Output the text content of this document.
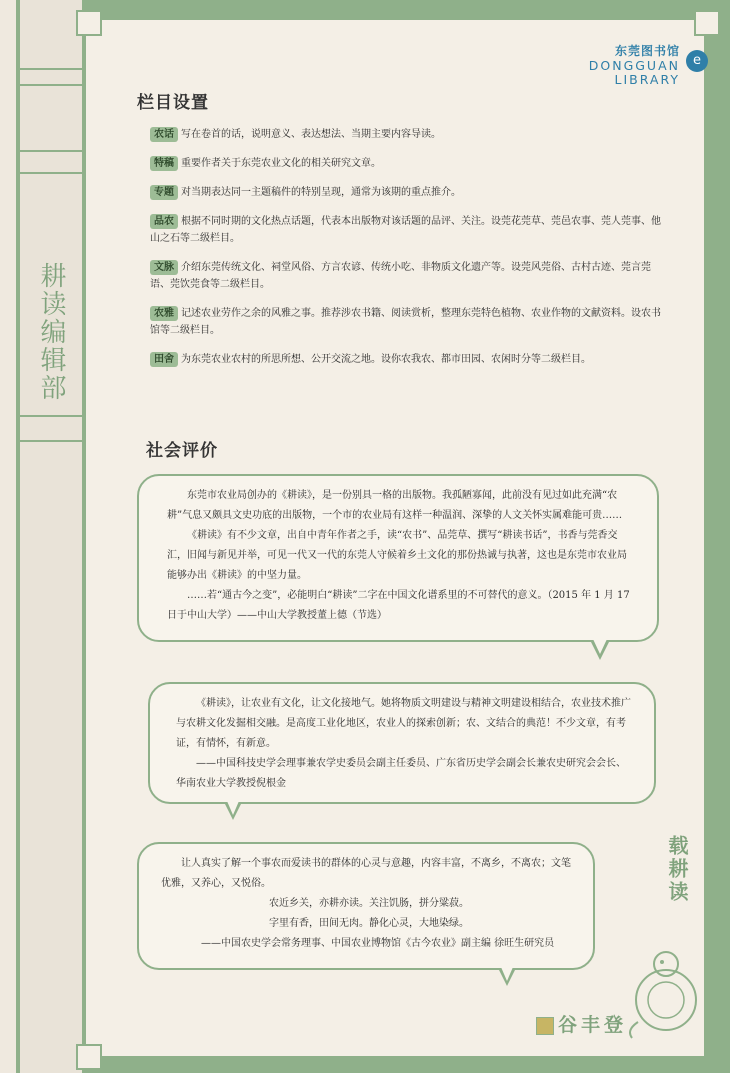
耕读编辑部
东莞图书馆
DONGGUAN
LIBRARY
e
栏目设置
农话 写在卷首的话，说明意义、表达想法、当期主要内容导读。
特稿 重要作者关于东莞农业文化的相关研究文章。
专题 对当期表达同一主题稿件的特别呈现，通常为该期的重点推介。
品农 根据不同时期的文化热点话题，代表本出版物对该话题的品评、关注。设莞花莞草、莞邑农事、莞人莞事、他山之石等二级栏目。
文脉 介绍东莞传统文化、祠堂风俗、方言农谚、传统小吃、非物质文化遗产等。设莞风莞俗、古村古迹、莞言莞语、莞饮莞食等二级栏目。
农雅 记述农业劳作之余的风雅之事。推荐涉农书籍、阅读赏析，整理东莞特色植物、农业作物的文献资料。设农书馆等二级栏目。
田舍 为东莞农业农村的所思所想、公开交流之地。设你农我农、都市田园、农闲时分等二级栏目。
社会评价

东莞市农业局创办的《耕读》，是一份别具一格的出版物。我孤陋寡闻，此前没有见过如此充满“农耕”气息又颇具文史功底的出版物，一个市的农业局有这样一种温润、深挚的人文关怀实属难能可贵……

《耕读》有不少文章，出自中青年作者之手，读“农书”、品莞草、撰写“耕读书话”，书香与莞香交汇，旧闻与新见并举，可见一代又一代的东莞人守候着乡土文化的那份热诚与执著，这也是东莞市农业局能够办出《耕读》的中坚力量。

……若“通古今之变”，必能明白“耕读”二字在中国文化谱系里的不可替代的意义。（2015 年 1 月 17 日于中山大学）——中山大学教授董上德（节选）

《耕读》，让农业有文化，让文化接地气。她将物质文明建设与精神文明建设相结合，农业技术推广与农耕文化发掘相交融。是高度工业化地区，农业人的探索创新；农、文结合的典范！不少文章，有考证，有情怀，有新意。

——中国科技史学会理事兼农学史委员会副主任委员、广东省历史学会副会长兼农史研究会会长、华南农业大学教授倪根金

让人真实了解一个事农而爱读书的群体的心灵与意趣，内容丰富，不离乡，不离农；文笔优雅，又养心，又悦俗。

农近乡关，亦耕亦读。关注饥肠，拼分粱菽。
字里有香，田间无肉。静化心灵，大地染绿。
——中国农史学会常务理事、中国农业博物馆《古今农业》副主编 徐旺生研究员
载耕读
谷丰登
